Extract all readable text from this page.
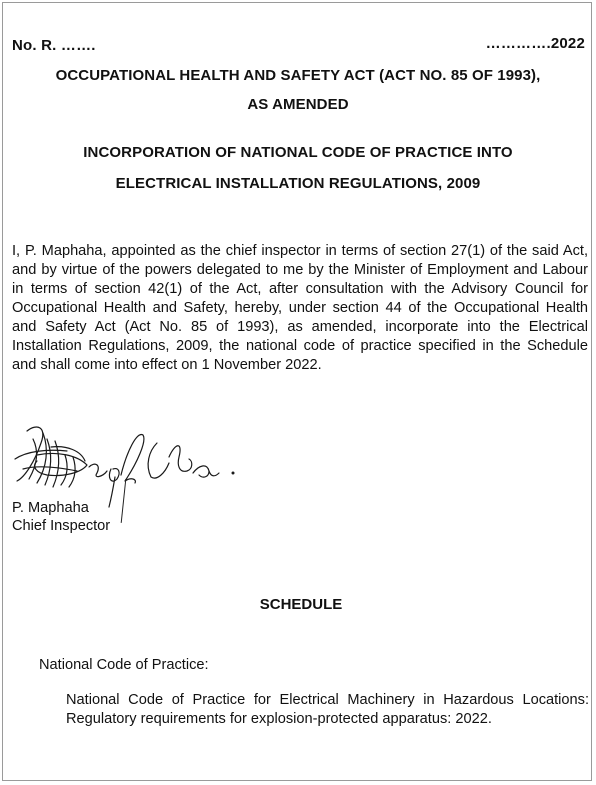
No. R. …….	………….2022
OCCUPATIONAL HEALTH AND SAFETY ACT (ACT NO. 85 OF 1993),
AS AMENDED
INCORPORATION OF NATIONAL CODE OF PRACTICE INTO
ELECTRICAL INSTALLATION REGULATIONS, 2009
I, P. Maphaha, appointed as the chief inspector in terms of section 27(1) of the said Act, and by virtue of the powers delegated to me by the Minister of Employment and Labour in terms of section 42(1) of the Act, after consultation with the Advisory Council for Occupational Health and Safety, hereby, under section 44 of the Occupational Health and Safety Act (Act No. 85 of 1993), as amended, incorporate into the Electrical Installation Regulations, 2009, the national code of practice specified in the Schedule and shall come into effect on 1 November 2022.
P. Maphaha
Chief Inspector
SCHEDULE
National Code of Practice:
National Code of Practice for Electrical Machinery in Hazardous Locations: Regulatory requirements for explosion-protected apparatus: 2022.
